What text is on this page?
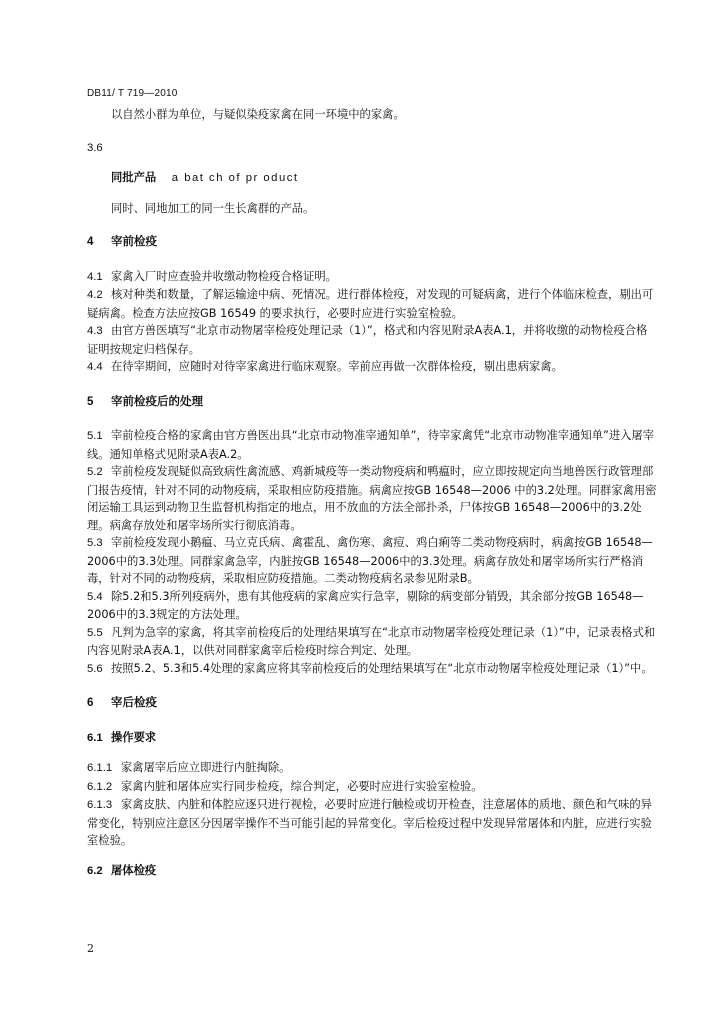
DB11/ T 719—2010

以自然小群为单位，与疑似染疫家禽在同一环境中的家禽。

3.6

同批产品 a bat ch of pr oduct

同时、同地加工的同一生长禽群的产品。

4 宰前检疫

4.1 家禽入厂时应查验并收缴动物检疫合格证明。

4.2 核对种类和数量，了解运输途中病、死情况。进行群体检疫，对发现的可疑病禽，进行个体临床检查，剔出可疑病禽。检查方法应按GB 16549 的要求执行，必要时应进行实验室检验。

4.3 由官方兽医填写“北京市动物屠宰检疫处理记录（1）”，格式和内容见附录A表A.1，并将收缴的动物检疫合格证明按规定归档保存。

4.4 在待宰期间，应随时对待宰家禽进行临床观察。宰前应再做一次群体检疫，剔出患病家禽。

5 宰前检疫后的处理

5.1 宰前检疫合格的家禽由官方兽医出具“北京市动物准宰通知单”，待宰家禽凭“北京市动物准宰通知单”进入屠宰线。通知单格式见附录A表A.2。

5.2 宰前检疫发现疑似高致病性禽流感、鸡新城疫等一类动物疫病和鸭瘟时，应立即按规定向当地兽医行政管理部门报告疫情，针对不同的动物疫病，采取相应防疫措施。病禽应按GB 16548—2006 中的3.2处理。同群家禽用密闭运输工具运到动物卫生监督机构指定的地点，用不放血的方法全部扑杀，尸体按GB 16548—2006中的3.2处理。病禽存放处和屠宰场所实行彻底消毒。

5.3 宰前检疫发现小鹅瘟、马立克氏病、禽霍乱、禽伤寒、禽痘、鸡白痢等二类动物疫病时，病禽按GB 16548—2006中的3.3处理。同群家禽急宰，内脏按GB 16548—2006中的3.3处理。病禽存放处和屠宰场所实行严格消毒，针对不同的动物疫病，采取相应防疫措施。二类动物疫病名录参见附录B。

5.4 除5.2和5.3所列疫病外，患有其他疫病的家禽应实行急宰，剔除的病变部分销毁，其余部分按GB 16548—2006中的3.3规定的方法处理。

5.5 凡判为急宰的家禽，将其宰前检疫后的处理结果填写在“北京市动物屠宰检疫处理记录（1）”中，记录表格式和内容见附录A表A.1，以供对同群家禽宰后检疫时综合判定、处理。

5.6 按照5.2、5.3和5.4处理的家禽应将其宰前检疫后的处理结果填写在“北京市动物屠宰检疫处理记录（1）”中。

6 宰后检疫

6.1 操作要求

6.1.1 家禽屠宰后应立即进行内脏掏除。

6.1.2 家禽内脏和屠体应实行同步检疫，综合判定，必要时应进行实验室检验。

6.1.3 家禽皮肤、内脏和体腔应逐只进行视检，必要时应进行触检或切开检查，注意屠体的质地、颜色和气味的异常变化，特别应注意区分因屠宰操作不当可能引起的异常变化。宰后检疫过程中发现异常屠体和内脏，应进行实验室检验。

6.2 屠体检疫

2
